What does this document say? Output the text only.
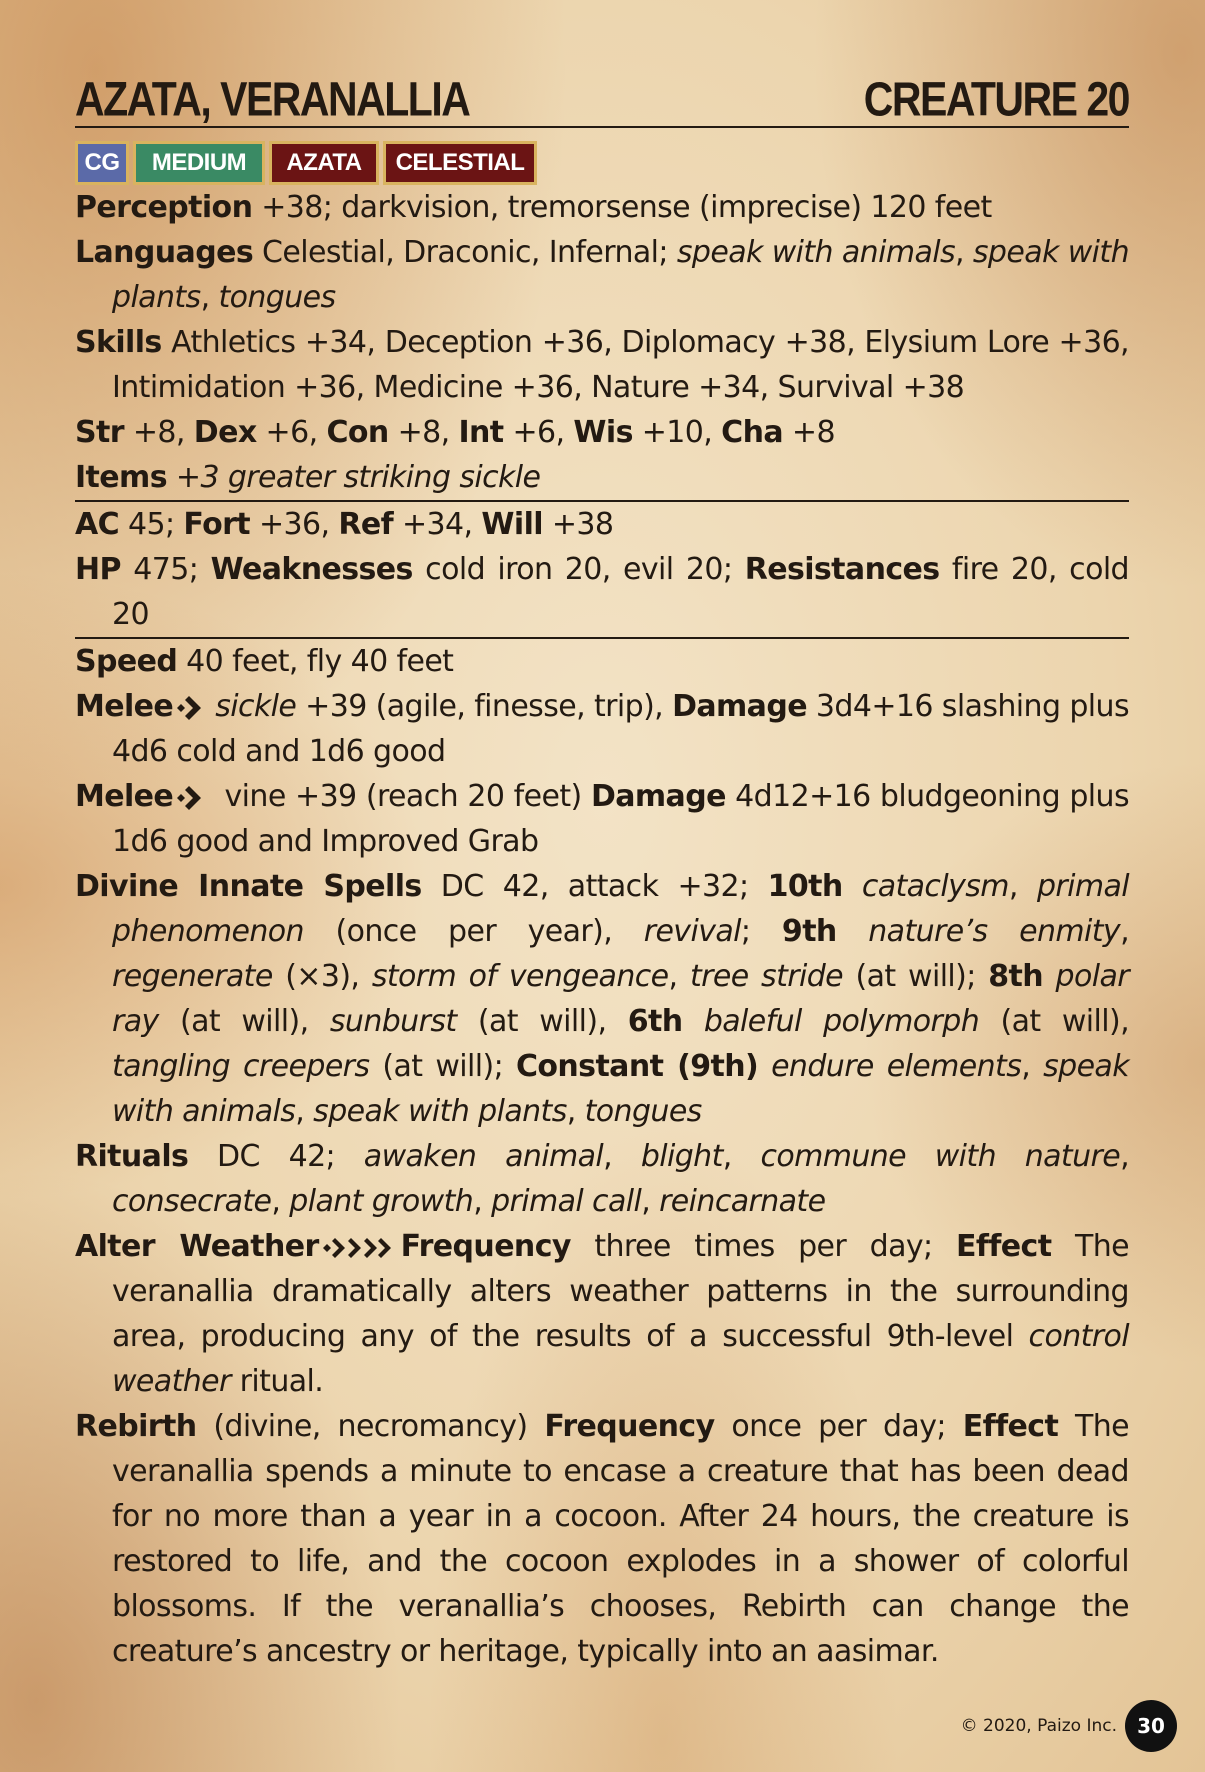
AZATA, VERANALLIA	CREATURE 20
CG	MEDIUM	AZATA	CELESTIAL
Perception +38; darkvision, tremorsense (imprecise) 120 feet
Languages Celestial, Draconic, Infernal; speak with animals, speak with plants, tongues
Skills Athletics +34, Deception +36, Diplomacy +38, Elysium Lore +36, Intimidation +36, Medicine +36, Nature +34, Survival +38
Str +8, Dex +6, Con +8, Int +6, Wis +10, Cha +8
Items +3 greater striking sickle
AC 45; Fort +36, Ref +34, Will +38
HP 475; Weaknesses cold iron 20, evil 20; Resistances fire 20, cold 20
Speed 40 feet, fly 40 feet
Melee sickle +39 (agile, finesse, trip), Damage 3d4+16 slashing plus 4d6 cold and 1d6 good
Melee vine +39 (reach 20 feet) Damage 4d12+16 bludgeoning plus 1d6 good and Improved Grab
Divine Innate Spells DC 42, attack +32; 10th cataclysm, primal phenomenon (once per year), revival; 9th nature’s enmity, regenerate (×3), storm of vengeance, tree stride (at will); 8th polar ray (at will), sunburst (at will), 6th baleful polymorph (at will), tangling creepers (at will); Constant (9th) endure elements, speak with animals, speak with plants, tongues
Rituals DC 42; awaken animal, blight, commune with nature, consecrate, plant growth, primal call, reincarnate
Alter Weather	Frequency three times per day; Effect The veranallia dramatically alters weather patterns in the surrounding area, producing any of the results of a successful 9th-level control weather ritual.
Rebirth (divine, necromancy) Frequency once per day; Effect The veranallia spends a minute to encase a creature that has been dead for no more than a year in a cocoon. After 24 hours, the creature is restored to life, and the cocoon explodes in a shower of colorful blossoms. If the veranallia’s chooses, Rebirth can change the creature’s ancestry or heritage, typically into an aasimar.
© 2020, Paizo Inc.	30
